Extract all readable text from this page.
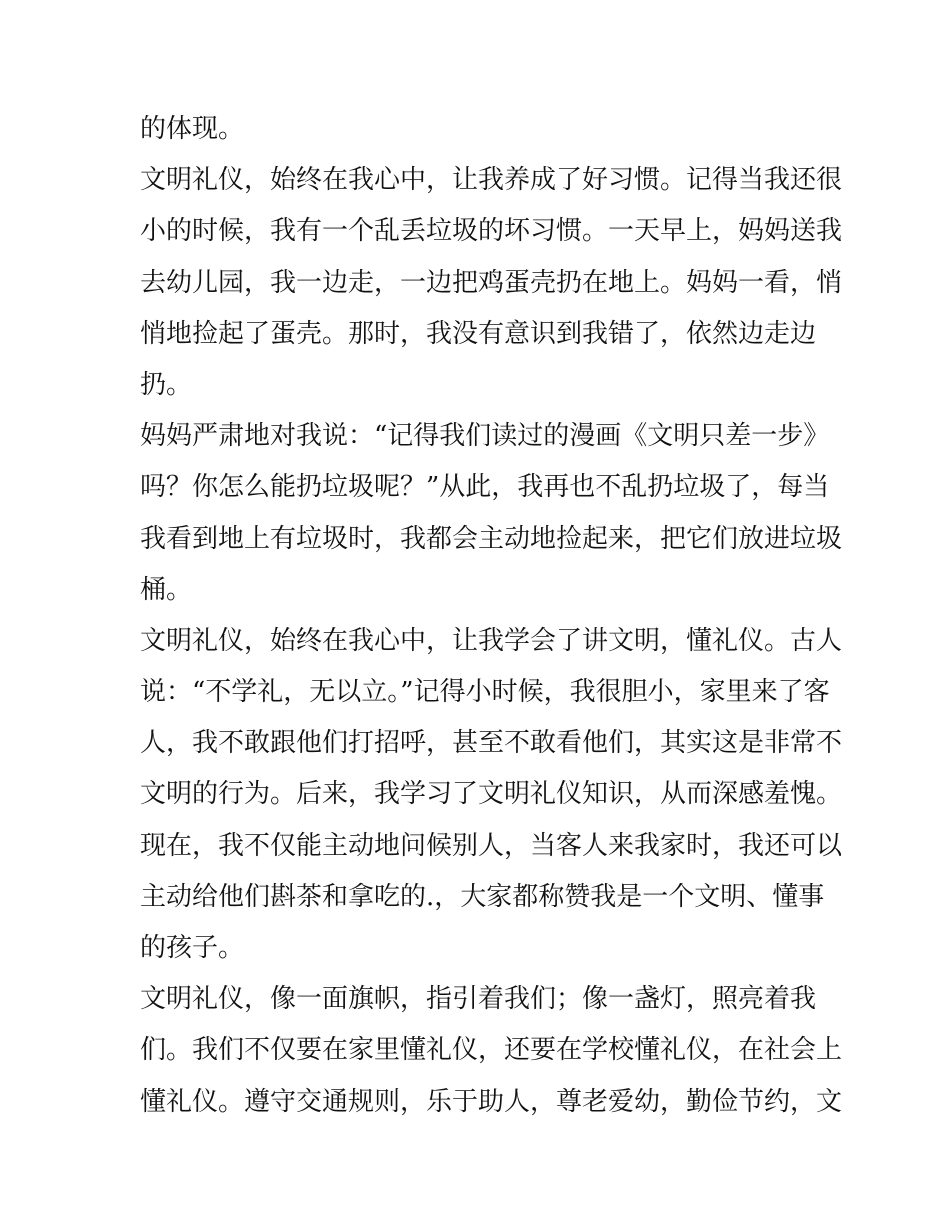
的体现。
文明礼仪，始终在我心中，让我养成了好习惯。记得当我还很
小的时候，我有一个乱丢垃圾的坏习惯。一天早上，妈妈送我
去幼儿园，我一边走，一边把鸡蛋壳扔在地上。妈妈一看，悄
悄地捡起了蛋壳。那时，我没有意识到我错了，依然边走边
扔。
妈妈严肃地对我说：“记得我们读过的漫画《文明只差一步》
吗？你怎么能扔垃圾呢？”从此，我再也不乱扔垃圾了，每当
我看到地上有垃圾时，我都会主动地捡起来，把它们放进垃圾
桶。
文明礼仪，始终在我心中，让我学会了讲文明，懂礼仪。古人
说：“不学礼，无以立。”记得小时候，我很胆小，家里来了客
人，我不敢跟他们打招呼，甚至不敢看他们，其实这是非常不
文明的行为。后来，我学习了文明礼仪知识，从而深感羞愧。
现在，我不仅能主动地问候别人，当客人来我家时，我还可以
主动给他们斟茶和拿吃的.，大家都称赞我是一个文明、懂事
的孩子。
文明礼仪，像一面旗帜，指引着我们；像一盏灯，照亮着我
们。我们不仅要在家里懂礼仪，还要在学校懂礼仪，在社会上
懂礼仪。遵守交通规则，乐于助人，尊老爱幼，勤俭节约，文
